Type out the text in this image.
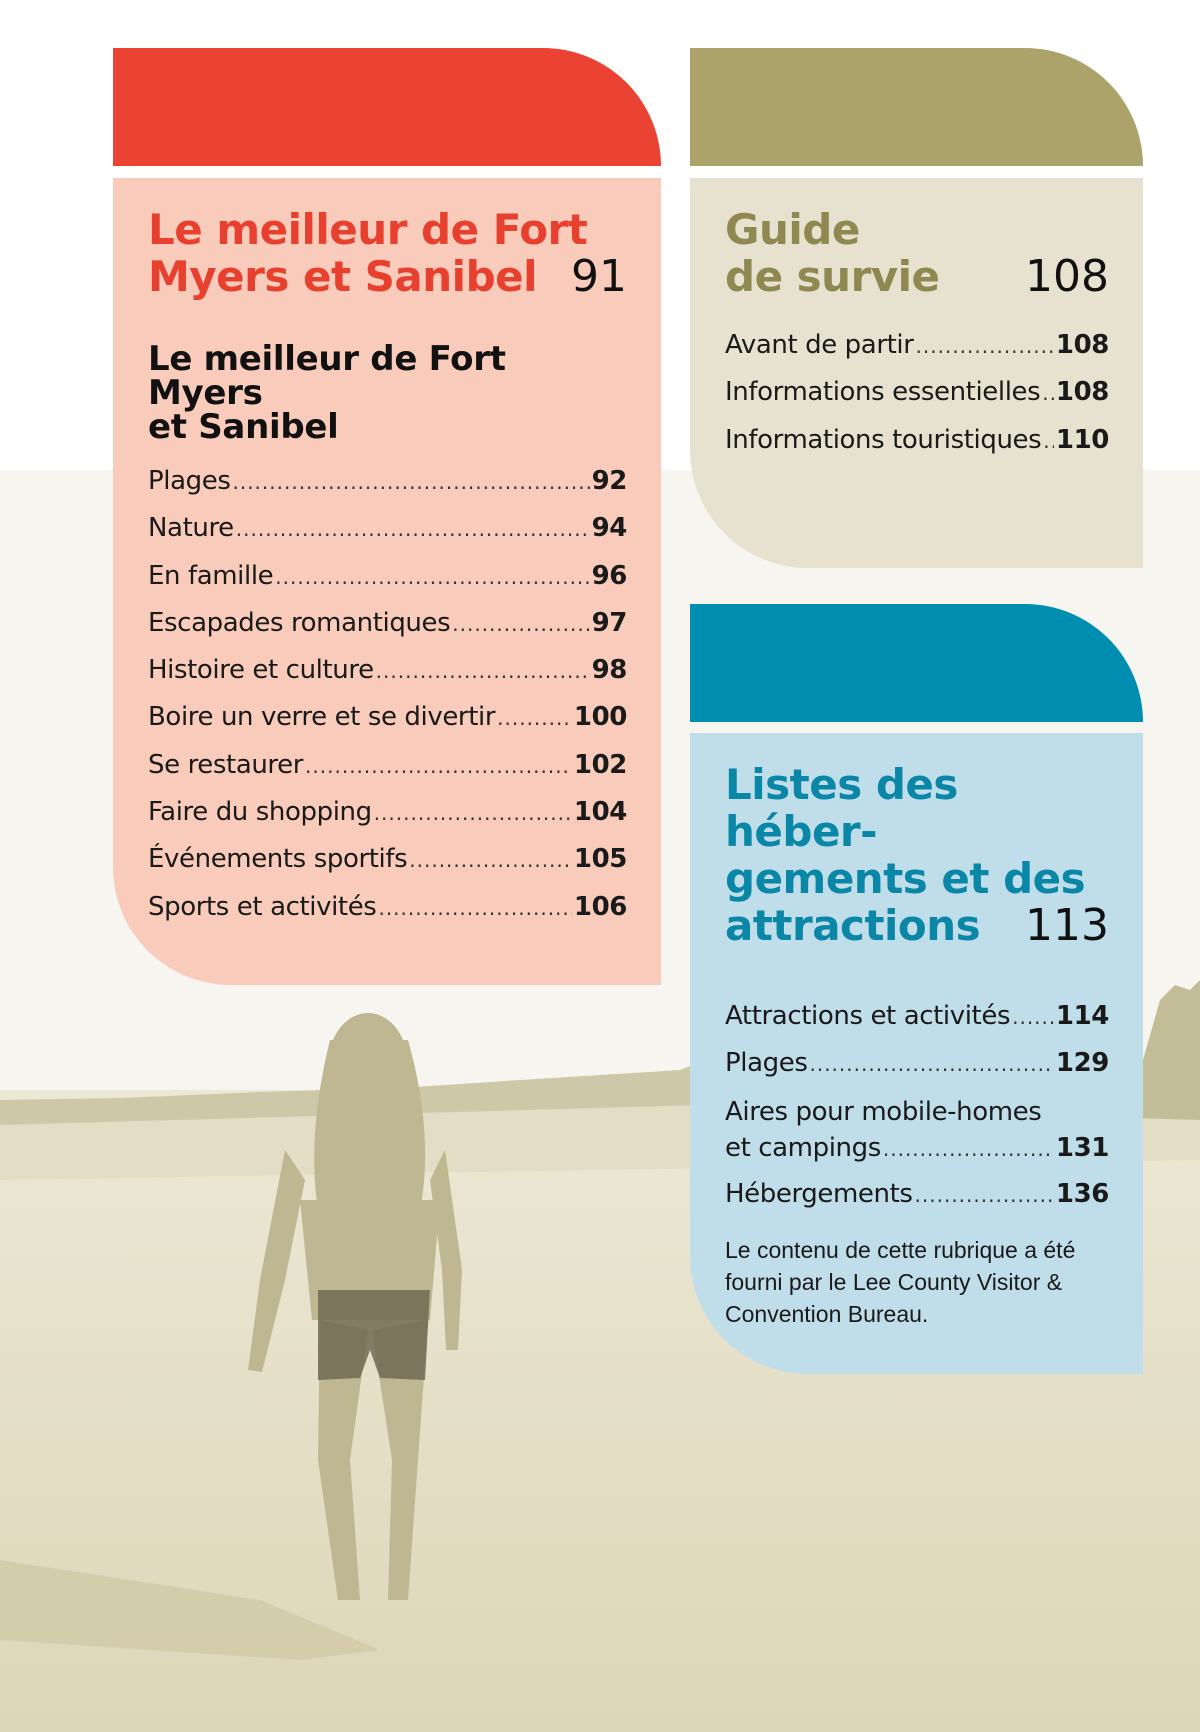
Le meilleur de Fort
Myers et Sanibel 91
Le meilleur de Fort Myers
et Sanibel
Plages .....	92
Nature .....	94
En famille .....	96
Escapades romantiques .....	97
Histoire et culture .....	98
Boire un verre et se divertir .....	100
Se restaurer .....	102
Faire du shopping .....	104
Événements sportifs .....	105
Sports et activités .....	106
Guide
de survie	108
Avant de partir .....	108
Informations essentielles ..... 108
Informations touristiques ..... 110
Listes des héber-
gements et des
attractions	113
Attractions et activités ..... 114
Plages .....	129
Aires pour mobile-homes
et campings .....	131
Hébergements .....	136
Le contenu de cette rubrique a été fourni par le Lee County Visitor & Convention Bureau.
